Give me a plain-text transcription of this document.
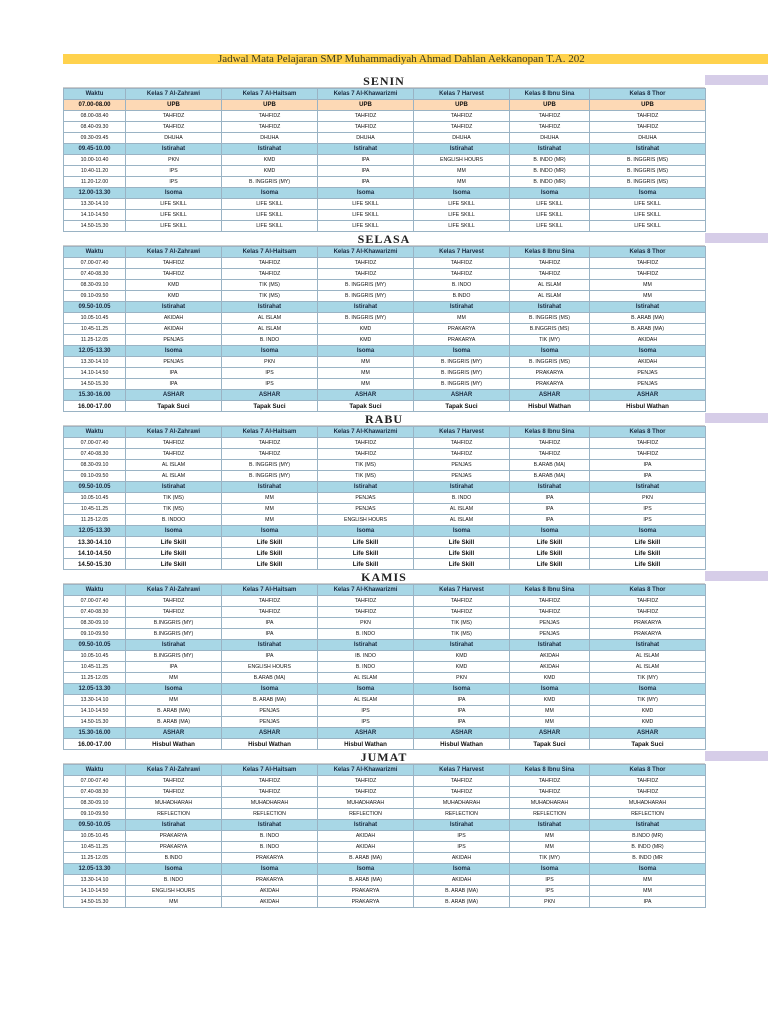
Jadwal Mata Pelajaran SMP Muhammadiyah Ahmad Dahlan Aekkanopan T.A. 202
SENIN
Waktu	Kelas 7 Al-Zahrawi	Kelas 7 Al-Haitsam	Kelas 7 Al-Khawarizmi	Kelas 7 Harvest	Kelas 8 Ibnu Sina	Kelas 8 Thor
07.00-08.00	UPB	UPB	UPB	UPB	UPB	UPB
08.00-08.40	TAHFIDZ	TAHFIDZ	TAHFIDZ	TAHFIDZ	TAHFIDZ	TAHFIDZ
08.40-09.30	TAHFIDZ	TAHFIDZ	TAHFIDZ	TAHFIDZ	TAHFIDZ	TAHFIDZ
09.30-09.45	DHUHA	DHUHA	DHUHA	DHUHA	DHUHA	DHUHA
09.45-10.00	Istirahat	Istirahat	Istirahat	Istirahat	Istirahat	Istirahat
10.00-10.40	PKN	KMD	IPA	ENGLISH HOURS	B. INDO (MR)	B. INGGRIS (MS)
10.40-11.20	IPS	KMD	IPA	MM	B. INDO (MR)	B. INGGRIS (MS)
11.20-12.00	IPS	B. INGGRIS (MY)	IPA	MM	B. INDO (MR)	B. INGGRIS (MS)
12.00-13.30	Isoma	Isoma	Isoma	Isoma	Isoma	Isoma
13.30-14.10	LIFE SKILL	LIFE SKILL	LIFE SKILL	LIFE SKILL	LIFE SKILL	LIFE SKILL
14.10-14.50	LIFE SKILL	LIFE SKILL	LIFE SKILL	LIFE SKILL	LIFE SKILL	LIFE SKILL
14.50-15.30	LIFE SKILL	LIFE SKILL	LIFE SKILL	LIFE SKILL	LIFE SKILL	LIFE SKILL
SELASA
Waktu	Kelas 7 Al-Zahrawi	Kelas 7 Al-Haitsam	Kelas 7 Al-Khawarizmi	Kelas 7 Harvest	Kelas 8 Ibnu Sina	Kelas 8 Thor
07.00-07.40	TAHFIDZ	TAHFIDZ	TAHFIDZ	TAHFIDZ	TAHFIDZ	TAHFIDZ
07.40-08.30	TAHFIDZ	TAHFIDZ	TAHFIDZ	TAHFIDZ	TAHFIDZ	TAHFIDZ
08.30-09.10	KMD	TIK (MS)	B. INGGRIS (MY)	B. INDO	AL ISLAM	MM
09.10-09.50	KMD	TIK (MS)	B. INGGRIS (MY)	B.INDO	AL ISLAM	MM
09.50-10.05	Istirahat	Istirahat	Istirahat	Istirahat	Istirahat	Istirahat
10.05-10.45	AKIDAH	AL ISLAM	B. INGGRIS (MY)	MM	B. INGGRIS (MS)	B. ARAB (MA)
10.45-11.25	AKIDAH	AL ISLAM	KMD	PRAKARYA	B.INGGRIS (MS)	B. ARAB (MA)
11.25-12.05	PENJAS	B. INDO	KMD	PRAKARYA	TIK (MY)	AKIDAH
12.05-13.30	Isoma	Isoma	Isoma	Isoma	Isoma	Isoma
13.30-14.10	PENJAS	PKN	MM	B. INGGRIS (MY)	B. INGGRIS (MS)	AKIDAH
14.10-14.50	IPA	IPS	MM	B. INGGRIS (MY)	PRAKARYA	PENJAS
14.50-15.30	IPA	IPS	MM	B. INGGRIS (MY)	PRAKARYA	PENJAS
15.30-16.00	ASHAR	ASHAR	ASHAR	ASHAR	ASHAR	ASHAR
16.00-17.00	Tapak Suci	Tapak Suci	Tapak Suci	Tapak Suci	Hisbul Wathan	Hisbul Wathan
RABU
Waktu	Kelas 7 Al-Zahrawi	Kelas 7 Al-Haitsam	Kelas 7 Al-Khawarizmi	Kelas 7 Harvest	Kelas 8 Ibnu Sina	Kelas 8 Thor
07.00-07.40	TAHFIDZ	TAHFIDZ	TAHFIDZ	TAHFIDZ	TAHFIDZ	TAHFIDZ
07.40-08.30	TAHFIDZ	TAHFIDZ	TAHFIDZ	TAHFIDZ	TAHFIDZ	TAHFIDZ
08.30-09.10	AL ISLAM	B. INGGRIS (MY)	TIK (MS)	PENJAS	B.ARAB (MA)	IPA
09.10-09.50	AL ISLAM	B. INGGRIS (MY)	TIK (MS)	PENJAS	B.ARAB (MA)	IPA
09.50-10.05	Istirahat	Istirahat	Istirahat	Istirahat	Istirahat	Istirahat
10.05-10.45	TIK (MS)	MM	PENJAS	B. INDO	IPA	PKN
10.45-11.25	TIK (MS)	MM	PENJAS	AL ISLAM	IPA	IPS
11.25-12.05	B. INDOO	MM	ENGLISH HOURS	AL ISLAM	IPA	IPS
12.05-13.30	Isoma	Isoma	Isoma	Isoma	Isoma	Isoma
13.30-14.10	Life Skill	Life Skill	Life Skill	Life Skill	Life Skill	Life Skill
14.10-14.50	Life Skill	Life Skill	Life Skill	Life Skill	Life Skill	Life Skill
14.50-15.30	Life Skill	Life Skill	Life Skill	Life Skill	Life Skill	Life Skill
KAMIS
Waktu	Kelas 7 Al-Zahrawi	Kelas 7 Al-Haitsam	Kelas 7 Al-Khawarizmi	Kelas 7 Harvest	Kelas 8 Ibnu Sina	Kelas 8 Thor
07.00-07.40	TAHFIDZ	TAHFIDZ	TAHFIDZ	TAHFIDZ	TAHFIDZ	TAHFIDZ
07.40-08.30	TAHFIDZ	TAHFIDZ	TAHFIDZ	TAHFIDZ	TAHFIDZ	TAHFIDZ
08.30-09.10	B.INGGRIS (MY)	IPA	PKN	TIK (MS)	PENJAS	PRAKARYA
09.10-09.50	B.INGGRIS (MY)	IPA	B. INDO	TIK (MS)	PENJAS	PRAKARYA
09.50-10.05	Istirahat	Istirahat	Istirahat	Istirahat	Istirahat	Istirahat
10.05-10.45	B.INGGRIS (MY)	IPA	IB. INDO	KMD	AKIDAH	AL ISLAM
10.45-11.25	IPA	ENGLISH HOURS	B. INDO	KMD	AKIDAH	AL ISLAM
11.25-12.05	MM	B.ARAB (MA)	AL ISLAM	PKN	KMD	TIK (MY)
12.05-13.30	Isoma	Isoma	Isoma	Isoma	Isoma	Isoma
13.30-14.10	MM	B. ARAB (MA)	AL ISLAM	IPA	KMD	TIK (MY)
14.10-14.50	B. ARAB (MA)	PENJAS	IPS	IPA	MM	KMD
14.50-15.30	B. ARAB (MA)	PENJAS	IPS	IPA	MM	KMD
15.30-16.00	ASHAR	ASHAR	ASHAR	ASHAR	ASHAR	ASHAR
16.00-17.00	Hisbul Wathan	Hisbul Wathan	Hisbul Wathan	Hisbul Wathan	Tapak Suci	Tapak Suci
JUMAT
Waktu	Kelas 7 Al-Zahrawi	Kelas 7 Al-Haitsam	Kelas 7 Al-Khawarizmi	Kelas 7 Harvest	Kelas 8 Ibnu Sina	Kelas 8 Thor
07.00-07.40	TAHFIDZ	TAHFIDZ	TAHFIDZ	TAHFIDZ	TAHFIDZ	TAHFIDZ
07.40-08.30	TAHFIDZ	TAHFIDZ	TAHFIDZ	TAHFIDZ	TAHFIDZ	TAHFIDZ
08.30-09.10	MUHADHARAH	MUHADHARAH	MUHADHARAH	MUHADHARAH	MUHADHARAH	MUHADHARAH
09.10-09.50	REFLECTION	REFLECTION	REFLECTION	REFLECTION	REFLECTION	REFLECTION
09.50-10.05	Istirahat	Istirahat	Istirahat	Istirahat	Istirahat	Istirahat
10.05-10.45	PRAKARYA	B. INDO	AKIDAH	IPS	MM	B.INDO (MR)
10.45-11.25	PRAKARYA	B. INDO	AKIDAH	IPS	MM	B. INDO (MR)
11.25-12.05	B.INDO	PRAKARYA	B. ARAB (MA)	AKIDAH	TIK (MY)	B. INDO (MR
12.05-13.30	Isoma	Isoma	Isoma	Isoma	Isoma	Isoma
13.30-14.10	B. INDO	PRAKARYA	B. ARAB (MA)	AKIDAH	IPS	MM
14.10-14.50	ENGLISH HOURS	AKIDAH	PRAKARYA	B. ARAB (MA)	IPS	MM
14.50-15.30	MM	AKIDAH	PRAKARYA	B. ARAB (MA)	PKN	IPA
